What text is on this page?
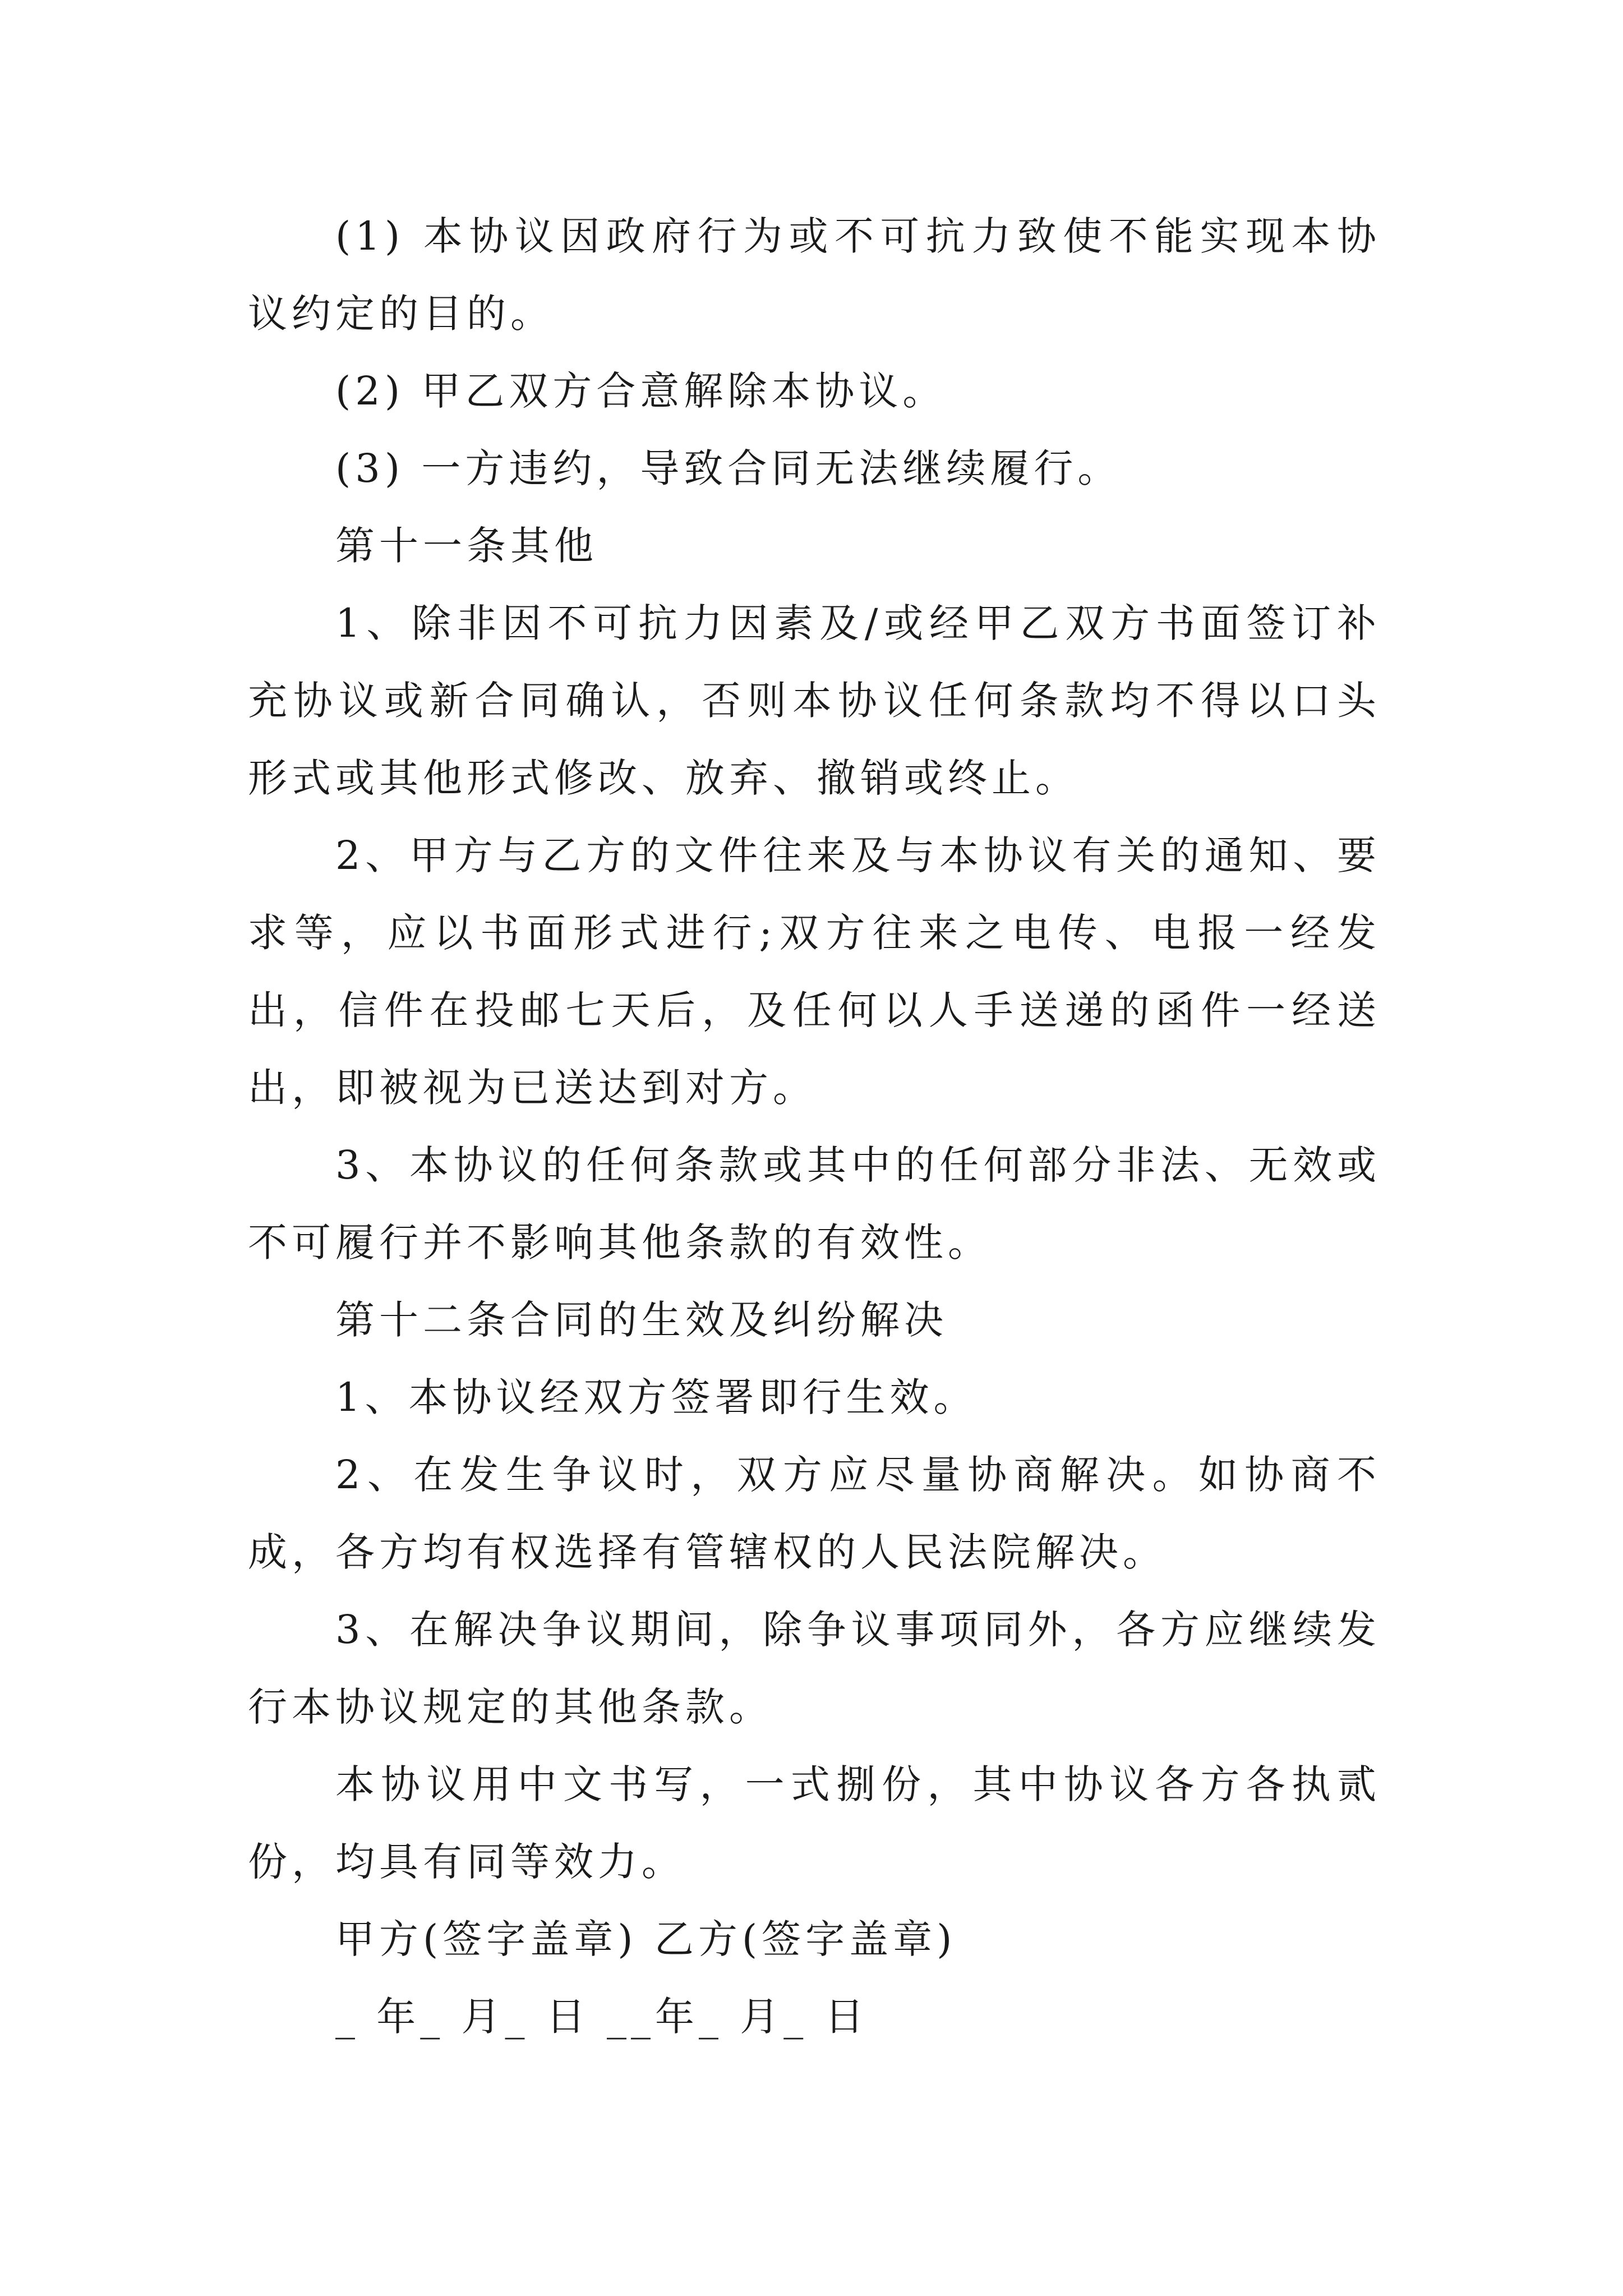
(1) 本协议因政府行为或不可抗力致使不能实现本协议约定的目的。

(2) 甲乙双方合意解除本协议。

(3) 一方违约，导致合同无法继续履行。

第十一条其他

1、除非因不可抗力因素及/或经甲乙双方书面签订补充协议或新合同确认，否则本协议任何条款均不得以口头形式或其他形式修改、放弃、撤销或终止。

2、甲方与乙方的文件往来及与本协议有关的通知、要求等，应以书面形式进行;双方往来之电传、电报一经发出，信件在投邮七天后，及任何以人手送递的函件一经送出，即被视为已送达到对方。

3、本协议的任何条款或其中的任何部分非法、无效或不可履行并不影响其他条款的有效性。

第十二条合同的生效及纠纷解决

1、本协议经双方签署即行生效。

2、在发生争议时，双方应尽量协商解决。如协商不成，各方均有权选择有管辖权的人民法院解决。

3、在解决争议期间，除争议事项同外，各方应继续发行本协议规定的其他条款。

本协议用中文书写，一式捌份，其中协议各方各执贰份，均具有同等效力。

甲方(签字盖章) 乙方(签字盖章)

_ 年_ 月_ 日 __年_ 月_ 日
